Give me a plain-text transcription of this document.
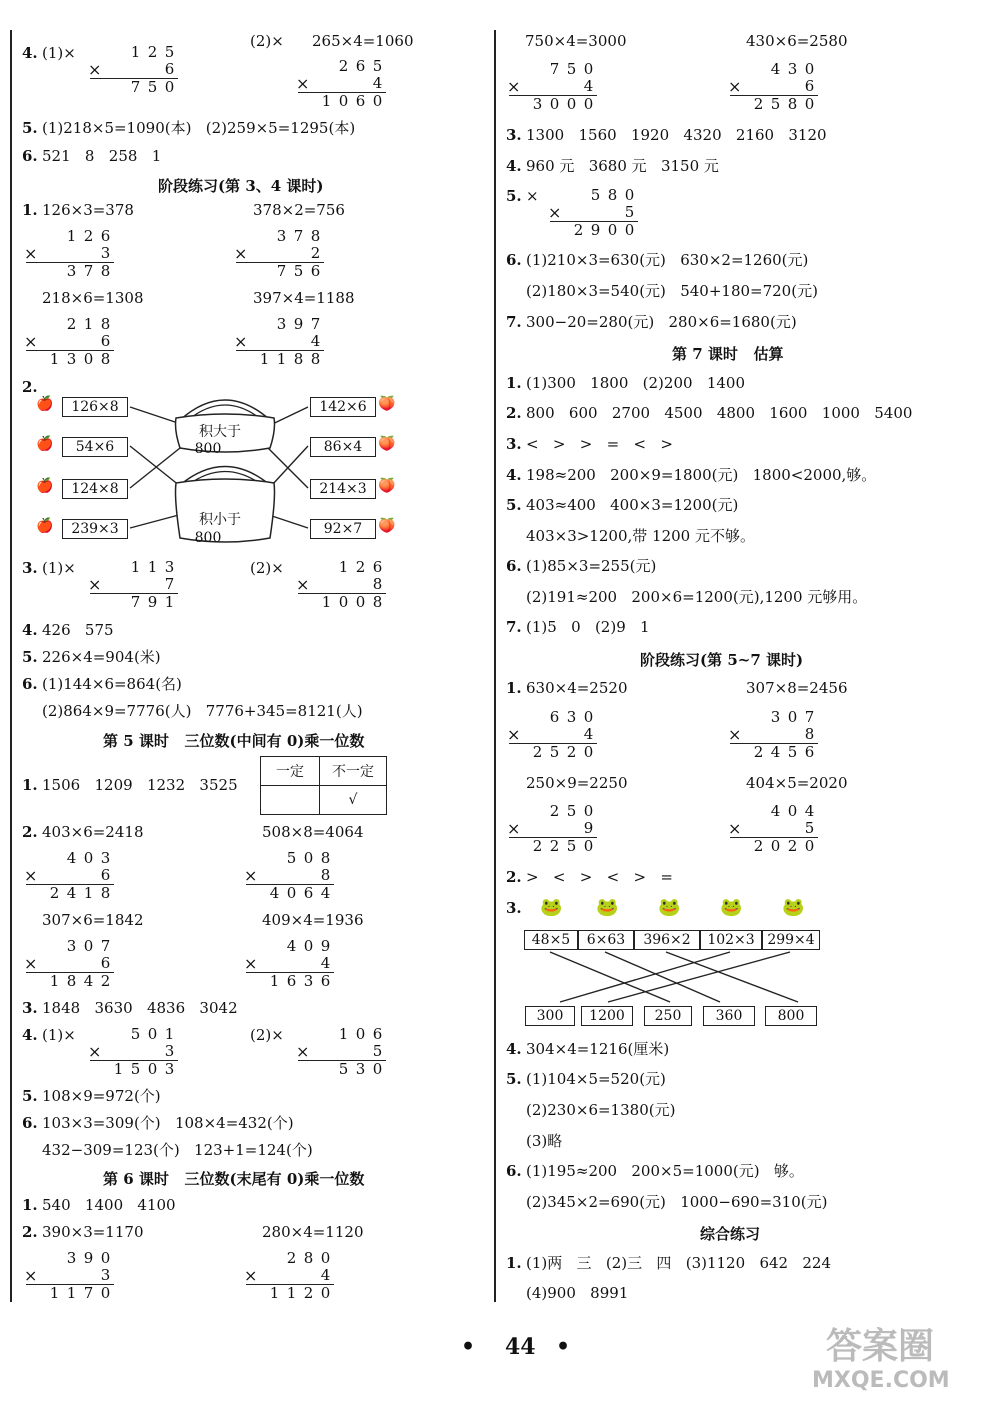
4. (1)×
(2)× 265×4=1060
1 2 5
6
×
7 5 0
2 6 5
4
×
1 0 6 0
5. (1)218×5=1090(本)   (2)259×5=1295(本)
6. 521   8   258   1
阶段练习(第 3、4 课时)
1. 126×3=378	378×2=756
1 2 6
3
×
3 7 8
3 7 8
2
×
7 5 6
218×6=1308	397×4=1188
2 1 8
6
×
1 3 0 8
3 9 7
4
×
1 1 8 8
2.
积大于
800
积小于
800
🍎
🍎
🍎
🍎
126×8
54×6
124×8
239×3
142×6
86×4
214×3
92×7
🍑
🍑
🍑
🍑
3. (1)×	(2)×
1 1 3
7
×
7 9 1
1 2 6
8
×
1 0 0 8
4. 426   575
5. 226×4=904(米)
6. (1)144×6=864(名)
(2)864×9=7776(人)   7776+345=8121(人)
第 5 课时   三位数(中间有 0)乘一位数
1. 1506   1209   1232   3525
一定	不一定
	√
2. 403×6=2418	508×8=4064
4 0 3
6
×
2 4 1 8
5 0 8
8
×
4 0 6 4
307×6=1842	409×4=1936
3 0 7
6
×
1 8 4 2
4 0 9
4
×
1 6 3 6
3. 1848   3630   4836   3042
4. (1)×	(2)×
5 0 1
3
×
1 5 0 3
1 0 6
5
×
5 3 0
5. 108×9=972(个)
6. 103×3=309(个)   108×4=432(个)
432−309=123(个)   123+1=124(个)
第 6 课时   三位数(末尾有 0)乘一位数
1. 540   1400   4100
2. 390×3=1170	280×4=1120
3 9 0
3
×
1 1 7 0
2 8 0
4
×
1 1 2 0
750×4=3000	430×6=2580
7 5 0
4
×
3 0 0 0
4 3 0
6
×
2 5 8 0
3. 1300   1560   1920   4320   2160   3120
4. 960 元   3680 元   3150 元
5. ×	5 8 0
5
×
2 9 0 0
6. (1)210×3=630(元)   630×2=1260(元)
(2)180×3=540(元)   540+180=720(元)
7. 300−20=280(元)   280×6=1680(元)
第 7 课时   估算
1. (1)300   1800   (2)200   1400
2. 800   600   2700   4500   4800   1600   1000   5400
3. <   >   >   =   <   >
4. 198≈200   200×9=1800(元)   1800<2000,够。
5. 403≈400   400×3=1200(元)
403×3>1200,带 1200 元不够。
6. (1)85×3=255(元)
(2)191≈200   200×6=1200(元),1200 元够用。
7. (1)5   0   (2)9   1
阶段练习(第 5~7 课时)
1. 630×4=2520	307×8=2456
6 3 0
4
×
2 5 2 0
3 0 7
8
×
2 4 5 6
250×9=2250	404×5=2020
2 5 0
9
×
2 2 5 0
4 0 4
5
×
2 0 2 0
2. >   <   >   <   >   =
3. 🐸 🐸 🐸 🐸 🐸
48×5	6×63	396×2	102×3 299×4
300	1200	250	360	800
4. 304×4=1216(厘米)
5. (1)104×5=520(元)
(2)230×6=1380(元)
(3)略
6. (1)195≈200   200×5=1000(元)   够。
(2)345×2=690(元)   1000−690=310(元)
综合练习
1. (1)两   三   (2)三   四   (3)1120   642   224
(4)900   8991
• 44 •	答案圈
MXQE.COM
